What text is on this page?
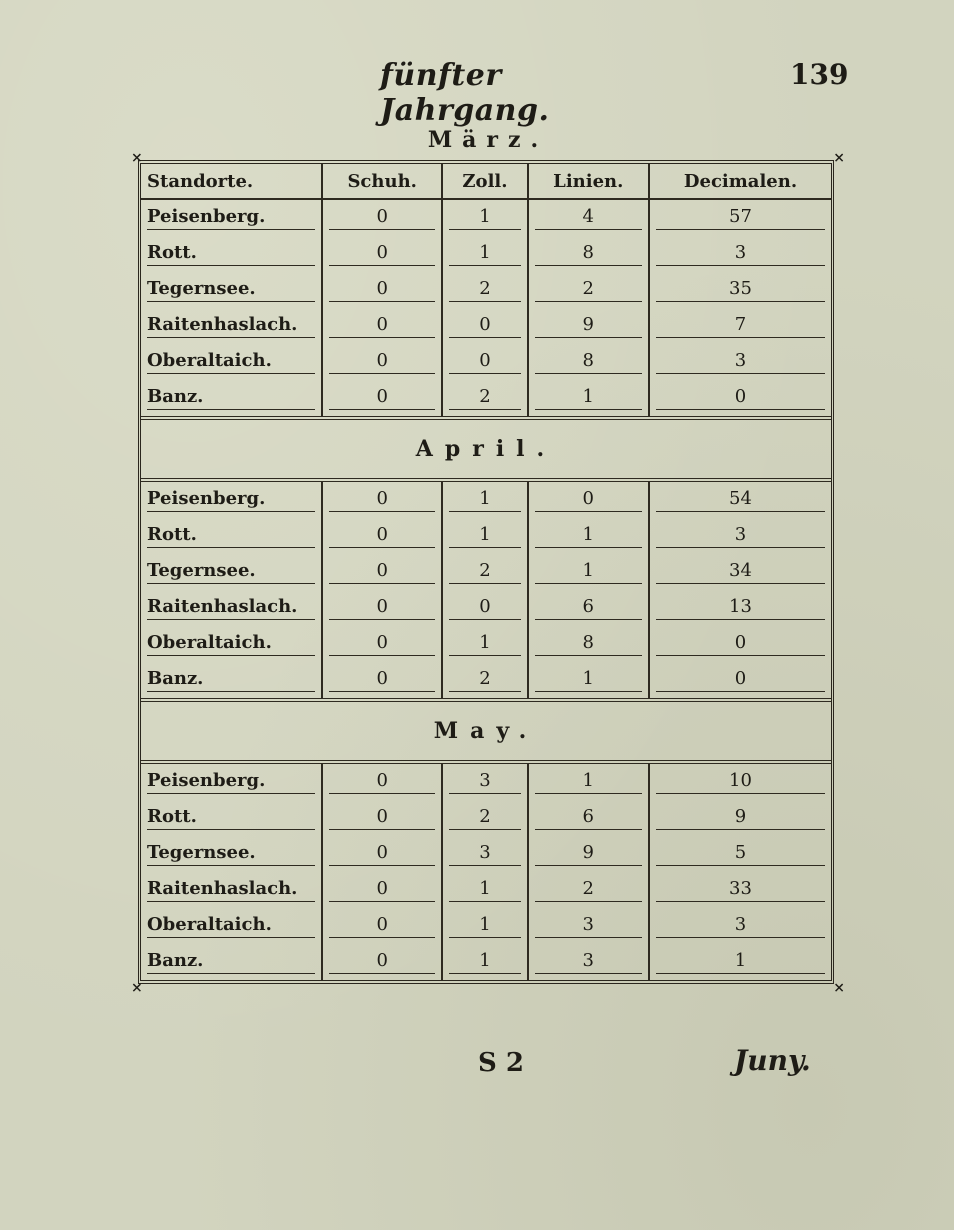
fünfter Jahrgang.
139
März.
×	×
×	×
Standorte.	Schuh.	Zoll.	Linien.	Decimalen.
Peisenberg.	0	1	4	57
Rott.	0	1	8	3
Tegernsee.	0	2	2	35
Raitenhaslach.	0	0	9	7
Oberaltaich.	0	0	8	3
Banz.	0	2	1	0
April.				
Peisenberg.	0	1	0	54
Rott.	0	1	1	3
Tegernsee.	0	2	1	34
Raitenhaslach.	0	0	6	13
Oberaltaich.	0	1	8	0
Banz.	0	2	1	0
May.				
Peisenberg.	0	3	1	10
Rott.	0	2	6	9
Tegernsee.	0	3	9	5
Raitenhaslach.	0	1	2	33
Oberaltaich.	0	1	3	3
Banz.	0	1	3	1
S 2	Juny.
